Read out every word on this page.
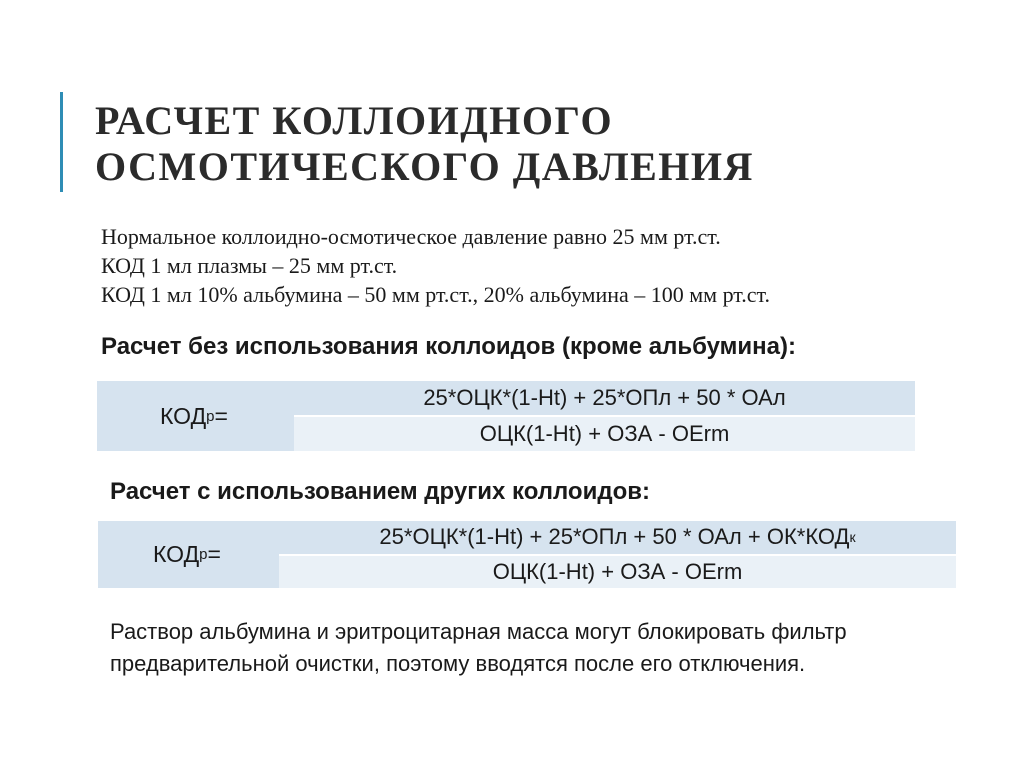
РАСЧЕТ КОЛЛОИДНОГО
ОСМОТИЧЕСКОГО ДАВЛЕНИЯ
Нормальное коллоидно-осмотическое давление равно 25 мм рт.ст.
КОД 1 мл плазмы – 25 мм рт.ст.
КОД 1 мл 10% альбумина – 50 мм рт.ст., 20% альбумина – 100 мм рт.ст.
Расчет без использования коллоидов (кроме альбумина):
КОД р =	$\frac{\text{25*ОЦК*(1-Ht) + 25*ОПл + 50 * ОАл}}{\text{ОЦК(1-Ht) + ОЗА - OErm}}$
Расчет с использованием других коллоидов:
КОД р =	$\frac{\text{25*ОЦК*(1-Ht) + 25*ОПл + 50 * ОАл + ОК*КОД к}}{\text{ОЦК(1-Ht) + ОЗА - OErm}}$
Раствор альбумина и эритроцитарная масса могут блокировать фильтр
предварительной очистки, поэтому вводятся после его отключения.
